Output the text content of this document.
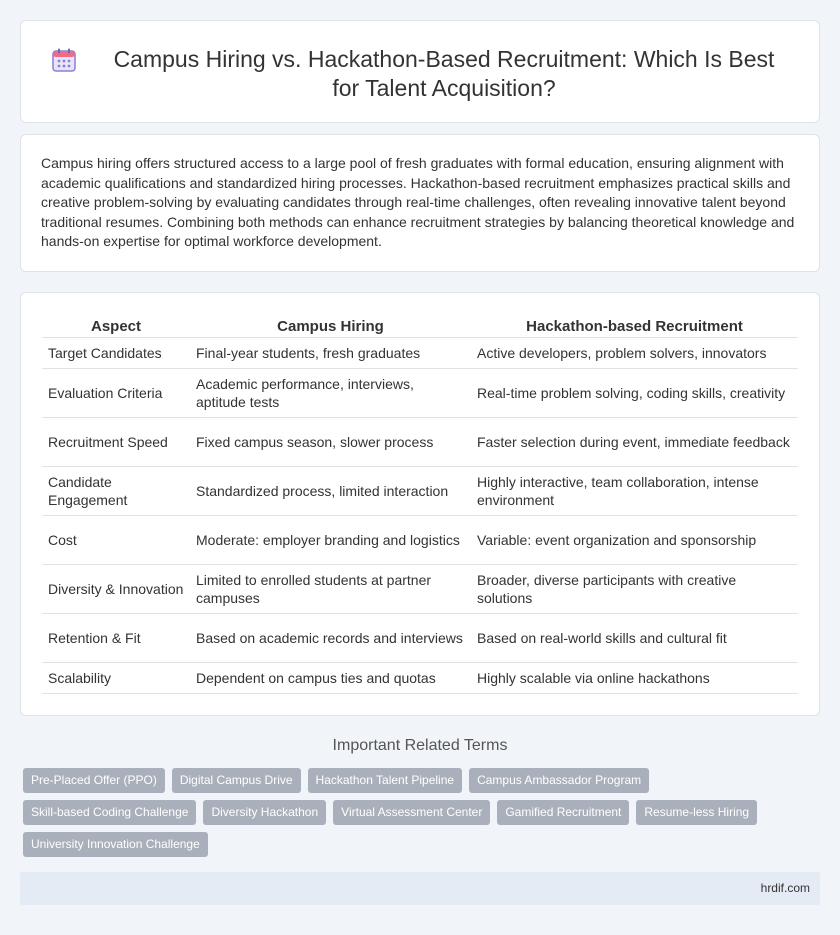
Campus Hiring vs. Hackathon-Based Recruitment: Which Is Best for Talent Acquisition?

Campus hiring offers structured access to a large pool of fresh graduates with formal education, ensuring alignment with academic qualifications and standardized hiring processes. Hackathon-based recruitment emphasizes practical skills and creative problem-solving by evaluating candidates through real-time challenges, often revealing innovative talent beyond traditional resumes. Combining both methods can enhance recruitment strategies by balancing theoretical knowledge and hands-on expertise for optimal workforce development.

Aspect	Campus Hiring	Hackathon-based Recruitment
Target Candidates	Final-year students, fresh graduates	Active developers, problem solvers, innovators
Evaluation Criteria	Academic performance, interviews, aptitude tests	Real-time problem solving, coding skills, creativity
Recruitment Speed	Fixed campus season, slower process	Faster selection during event, immediate feedback
Candidate Engagement	Standardized process, limited interaction	Highly interactive, team collaboration, intense environment
Cost	Moderate: employer branding and logistics	Variable: event organization and sponsorship
Diversity & Innovation	Limited to enrolled students at partner campuses	Broader, diverse participants with creative solutions
Retention & Fit	Based on academic records and interviews	Based on real-world skills and cultural fit
Scalability	Dependent on campus ties and quotas	Highly scalable via online hackathons
Important Related Terms
Pre-Placed Offer (PPO)	Digital Campus Drive	Hackathon Talent Pipeline	Campus Ambassador Program
Skill-based Coding Challenge	Diversity Hackathon	Virtual Assessment Center	Gamified Recruitment	Resume-less Hiring
University Innovation Challenge
hrdif.com
